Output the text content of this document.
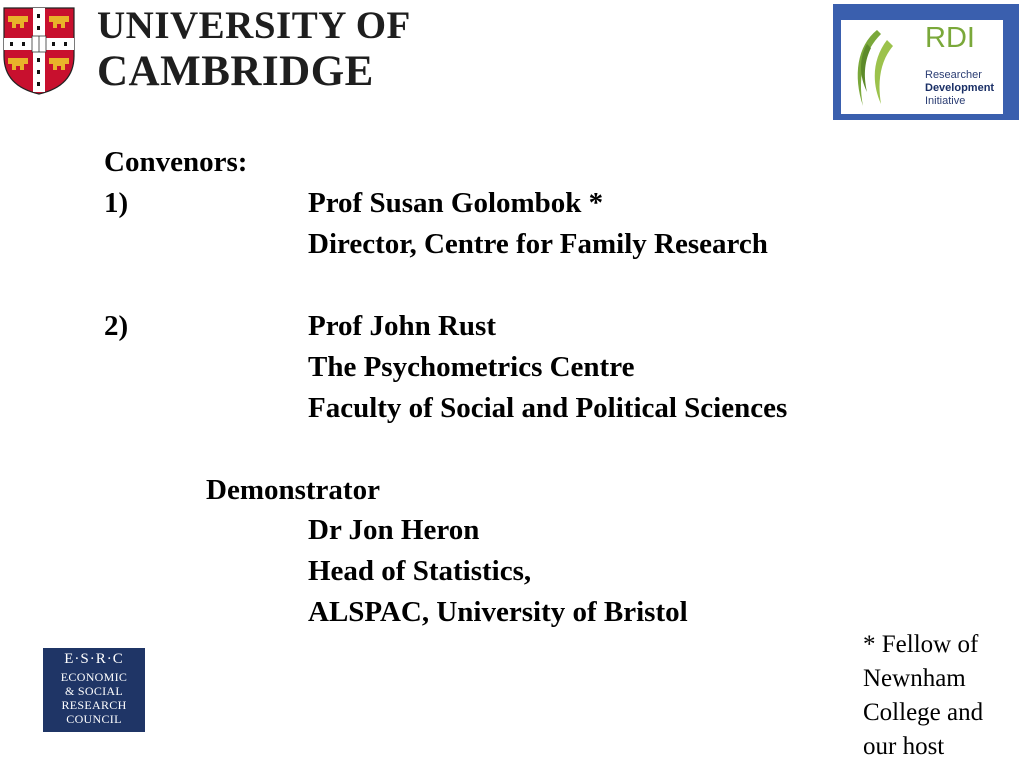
UNIVERSITY OF
CAMBRIDGE
RDI
Researcher
Development
Initiative
Convenors:
1)	Prof Susan Golombok *
Director, Centre for Family Research
2)	Prof John Rust
The Psychometrics Centre
Faculty of Social and Political Sciences
Demonstrator
Dr Jon Heron
Head of Statistics,
ALSPAC, University of Bristol
E·S·R·C
ECONOMIC
& SOCIAL
RESEARCH
COUNCIL
* Fellow of
Newnham
College and
our host
